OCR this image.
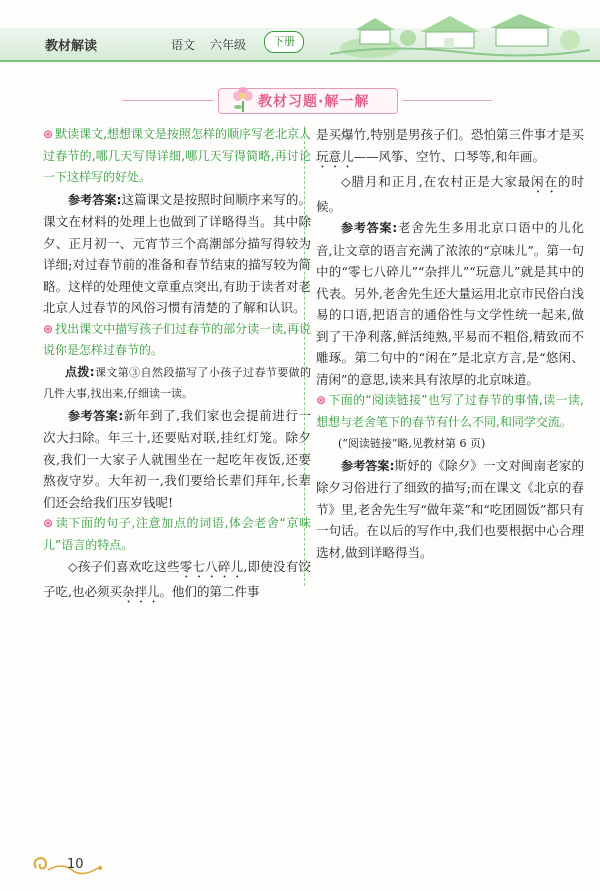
教材解读	语文 六年级	下册
教材习题·解一解

⊛ 默读课文,想想课文是按照怎样的顺序写老北京人过春节的,哪几天写得详细,哪几天写得简略,再讨论一下这样写的好处。

参考答案:这篇课文是按照时间顺序来写的。课文在材料的处理上也做到了详略得当。其中除夕、正月初一、元宵节三个高潮部分描写得较为详细;对过春节前的准备和春节结束的描写较为简略。这样的处理使文章重点突出,有助于读者对老北京人过春节的风俗习惯有清楚的了解和认识。

⊛ 找出课文中描写孩子们过春节的部分读一读,再说说你是怎样过春节的。

点拨:课文第③自然段描写了小孩子过春节要做的几件大事,找出来,仔细读一读。

参考答案:新年到了,我们家也会提前进行一次大扫除。年三十,还要贴对联,挂红灯笼。除夕夜,我们一大家子人就围坐在一起吃年夜饭,还要熬夜守岁。大年初一,我们要给长辈们拜年,长辈们还会给我们压岁钱呢!

⊛ 读下面的句子,注意加点的词语,体会老舍“京味儿”语言的特点。

◇孩子们喜欢吃这些零七八碎儿,即使没有饺子吃,也必须买杂拌儿。他们的第二件事

是买爆竹,特别是男孩子们。恐怕第三件事才是买玩意儿——风筝、空竹、口琴等,和年画。

◇腊月和正月,在农村正是大家最闲在的时候。

参考答案:老舍先生多用北京口语中的儿化音,让文章的语言充满了浓浓的“京味儿”。第一句中的“零七八碎儿”“杂拌儿”“玩意儿”就是其中的代表。另外,老舍先生还大量运用北京市民俗白浅易的口语,把语言的通俗性与文学性统一起来,做到了干净利落,鲜活纯熟,平易而不粗俗,精致而不雕琢。第二句中的“闲在”是北京方言,是“悠闲、清闲”的意思,读来具有浓厚的北京味道。

⊛ 下面的“阅读链接”也写了过春节的事情,读一读,想想与老舍笔下的春节有什么不同,和同学交流。

(“阅读链接”略,见教材第 6 页)

参考答案:斯妤的《除夕》一文对闽南老家的除夕习俗进行了细致的描写;而在课文《北京的春节》里,老舍先生写“做年菜”和“吃团圆饭”都只有一句话。在以后的写作中,我们也要根据中心合理选材,做到详略得当。

10
